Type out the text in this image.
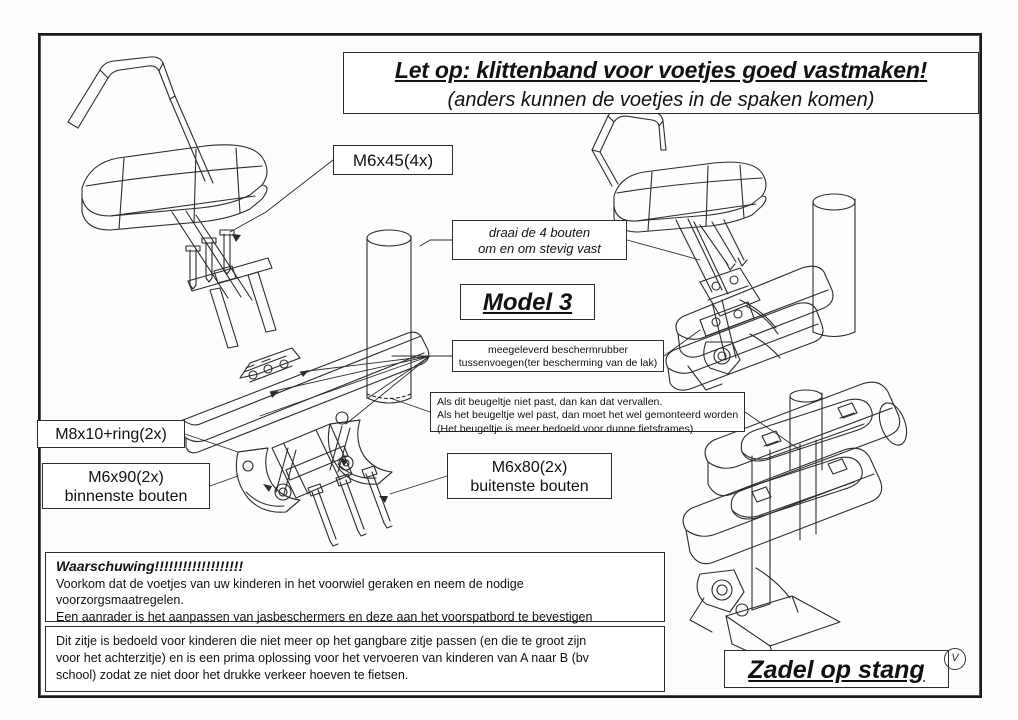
Let op: klittenband voor voetjes goed vastmaken!
(anders kunnen de voetjes in de spaken komen)
M6x45(4x)
draai de 4 bouten
om en om stevig vast
Model 3
meegeleverd beschermrubber
tussenvoegen(ter bescherming van de lak)
Als dit beugeltje niet past, dan kan dat vervallen.
Als het beugeltje wel past, dan moet het wel gemonteerd worden
(Het beugeltje is meer bedoeld voor dunne fietsframes)
M8x10+ring(2x)
M6x90(2x)
binnenste bouten
M6x80(2x)
buitenste bouten
Waarschuwing!!!!!!!!!!!!!!!!!!!
Voorkom dat de voetjes van uw kinderen in het voorwiel geraken en neem de nodige
voorzorgsmaatregelen.
Een aanrader is het aanpassen van jasbeschermers en deze aan het voorspatbord te bevestigen
Dit zitje is bedoeld voor kinderen die niet meer op het gangbare zitje passen (en die te groot zijn
voor het achterzitje) en is een prima oplossing voor het vervoeren van kinderen van A naar B (bv
school) zodat ze niet door het drukke verkeer hoeven te fietsen.	Zadel op stang	V
